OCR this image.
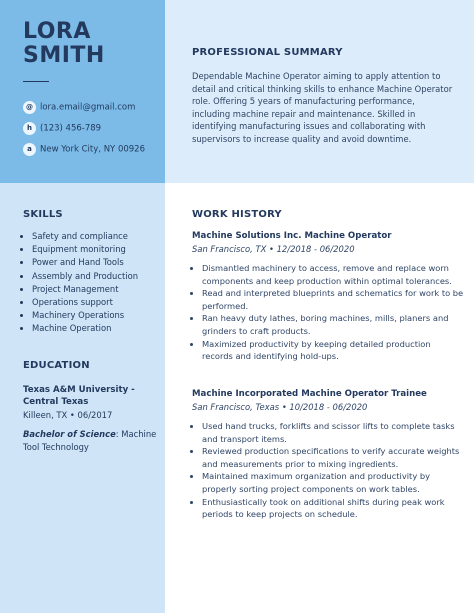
LORA
SMITH
@ lora.email@gmail.com
h (123) 456-789
a New York City, NY 00926
PROFESSIONAL SUMMARY
Dependable Machine Operator aiming to apply attention to detail and critical thinking skills to enhance Machine Operator role. Offering 5 years of manufacturing performance, including machine repair and maintenance. Skilled in identifying manufacturing issues and collaborating with supervisors to increase quality and avoid downtime.
SKILLS
• Safety and compliance
• Equipment monitoring
• Power and Hand Tools
• Assembly and Production
• Project Management
• Operations support
• Machinery Operations
• Machine Operation
EDUCATION
Texas A&M University - Central Texas
Killeen, TX • 06/2017
Bachelor of Science: Machine Tool Technology
WORK HISTORY
Machine Solutions Inc. Machine Operator
San Francisco, TX • 12/2018 - 06/2020
• Dismantled machinery to access, remove and replace worn components and keep production within optimal tolerances.
• Read and interpreted blueprints and schematics for work to be performed.
• Ran heavy duty lathes, boring machines, mills, planers and grinders to craft products.
• Maximized productivity by keeping detailed production records and identifying hold-ups.
Machine Incorporated Machine Operator Trainee
San Francisco, Texas • 10/2018 - 06/2020
• Used hand trucks, forklifts and scissor lifts to complete tasks and transport items.
• Reviewed production specifications to verify accurate weights and measurements prior to mixing ingredients.
• Maintained maximum organization and productivity by properly sorting project components on work tables.
• Enthusiastically took on additional shifts during peak work periods to keep projects on schedule.
